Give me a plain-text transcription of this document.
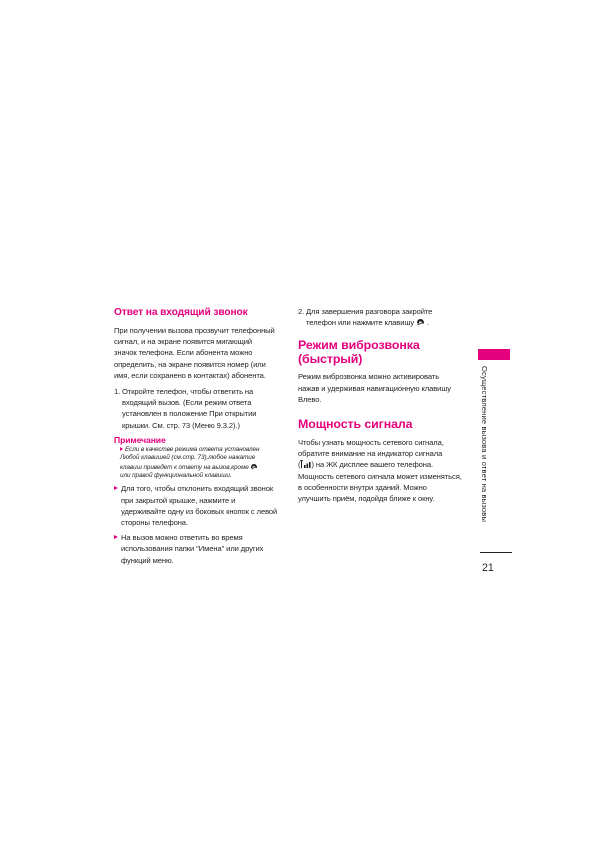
Ответ на входящий звонок

При получении вызова прозвучит телефонный

сигнал, и на экране появится мигающий

значок телефона. Если абонента можно

определить, на экране появится номер (или

имя, если сохранено в контактах) абонента.

1. Откройте телефон, чтобы ответить на

входящий вызов. (Если режим ответа

установлен в положение При открытии

крышки. См. стр. 73 (Меню 9.3.2).)

Примечание
Если в качестве режима ответа установлен
Любой клавишей (см.стр. 73),любое нажатие
клавиш приведет к ответу на вызов,кроме
или правой функциональной клавиши.

Для того, чтобы отклонить входящий звонок

при закрытой крышке, нажмите и

удерживайте одну из боковых кнопок с левой

стороны телефона.

На вызов можно ответить во время

использования папки "Имена" или других

функций меню.

2. Для завершения разговора закройте

телефон или нажмите клавишу .

Режим виброзвонка
(быстрый)

Режим виброзвонка можно активировать

нажав и удерживая навигационную клавишу

Влево.

Мощность сигнала

Чтобы узнать мощность сетевого сигнала,

обратите внимание на индикатор сигнала

( ) на ЖК дисплее вашего телефона.

Мощность сетевого сигнала может изменяться,

в особенности внутри зданий. Можно

улучшить приём, подойдя ближе к окну.	Осуществление вызова и ответ на вызовы
21
